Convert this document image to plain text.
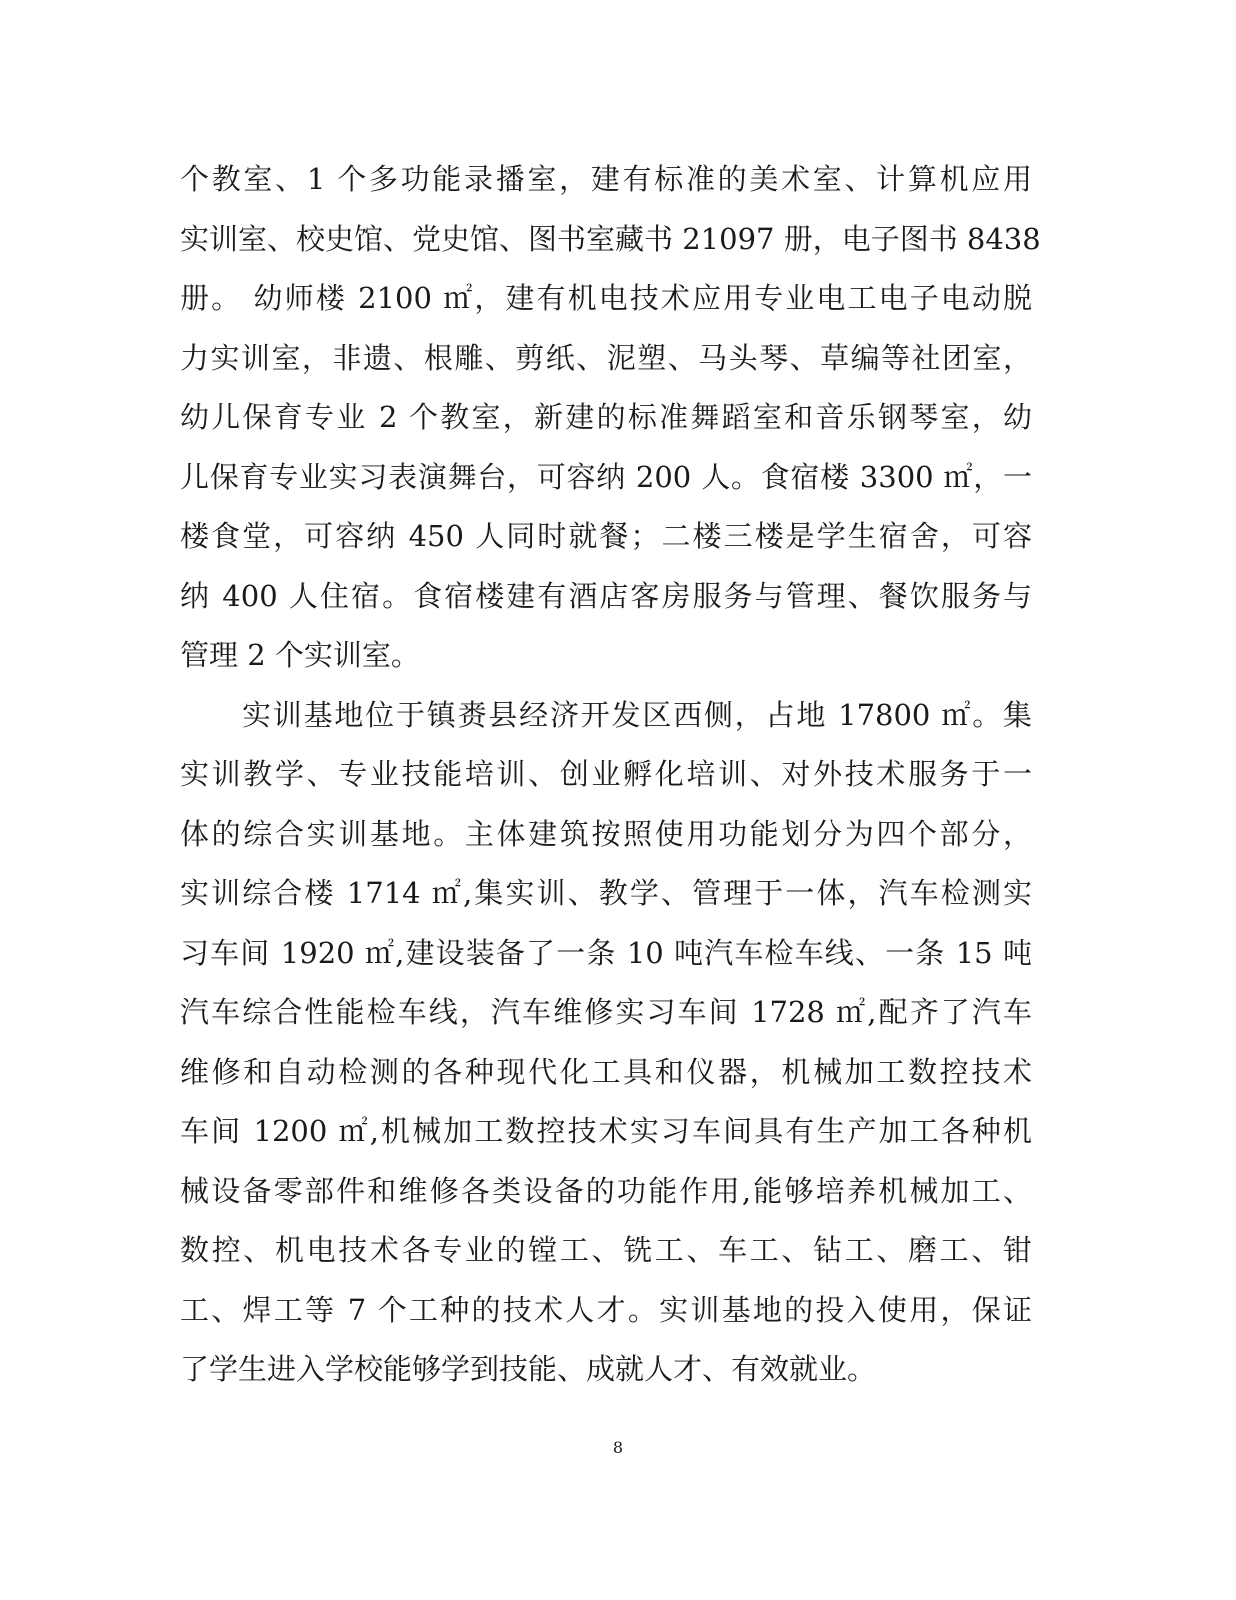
个教室、1 个多功能录播室，建有标准的美术室、计算机应用
实训室、校史馆、党史馆、图书室藏书 21097 册，电子图书 8438
册。 幼师楼 2100 ㎡，建有机电技术应用专业电工电子电动脱
力实训室，非遗、根雕、剪纸、泥塑、马头琴、草编等社团室，
幼儿保育专业 2 个教室，新建的标准舞蹈室和音乐钢琴室，幼
儿保育专业实习表演舞台，可容纳 200 人。食宿楼 3300 ㎡，一
楼食堂，可容纳 450 人同时就餐；二楼三楼是学生宿舍，可容
纳 400 人住宿。食宿楼建有酒店客房服务与管理、餐饮服务与
管理 2 个实训室。
实训基地位于镇赉县经济开发区西侧，占地 17800 ㎡。集
实训教学、专业技能培训、创业孵化培训、对外技术服务于一
体的综合实训基地。主体建筑按照使用功能划分为四个部分，
实训综合楼 1714 ㎡,集实训、教学、管理于一体，汽车检测实
习车间 1920 ㎡,建设装备了一条 10 吨汽车检车线、一条 15 吨
汽车综合性能检车线，汽车维修实习车间 1728 ㎡,配齐了汽车
维修和自动检测的各种现代化工具和仪器，机械加工数控技术
车间 1200 ㎡,机械加工数控技术实习车间具有生产加工各种机
械设备零部件和维修各类设备的功能作用,能够培养机械加工、
数控、机电技术各专业的镗工、铣工、车工、钻工、磨工、钳
工、焊工等 7 个工种的技术人才。实训基地的投入使用，保证
了学生进入学校能够学到技能、成就人才、有效就业。
8
